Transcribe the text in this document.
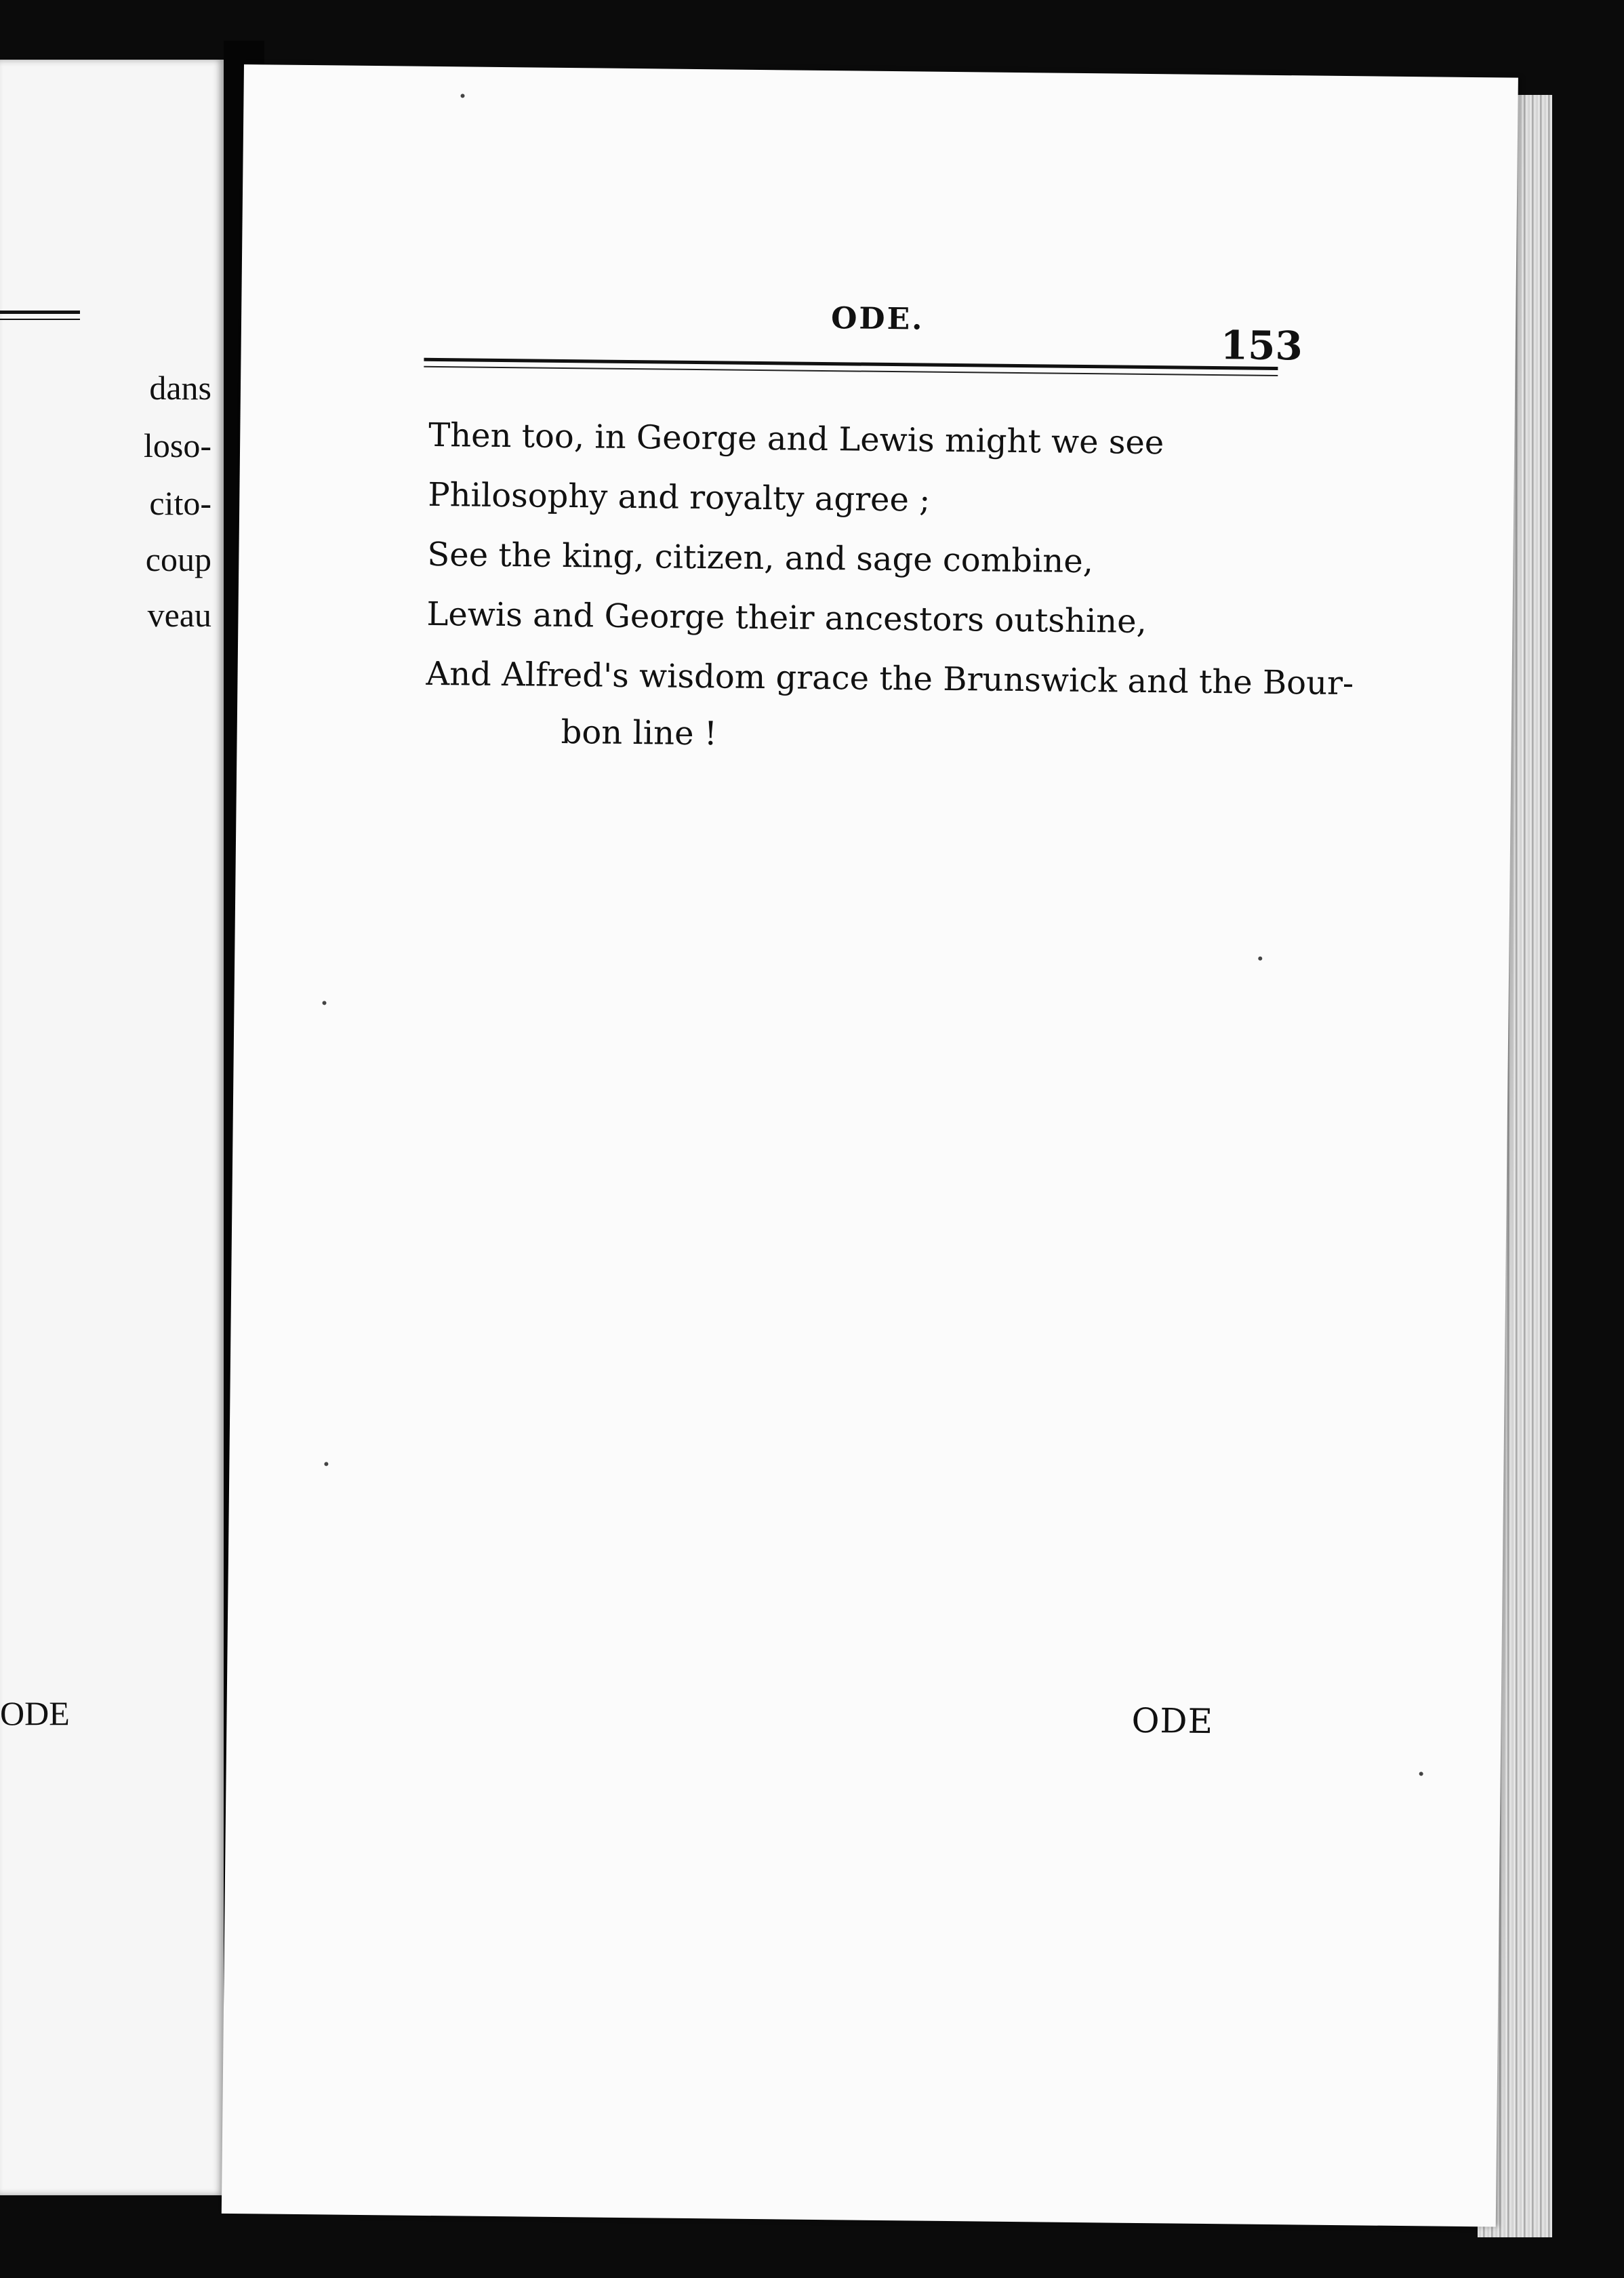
dans
loso-
cito-
coup
veau
ODE
ODE.
153
Then too, in George and Lewis might we see
Philosophy and royalty agree ;
See the king, citizen, and sage combine,
Lewis and George their ancestors outshine,
And Alfred's wisdom grace the Brunswick and the Bour-
bon line !
ODE
